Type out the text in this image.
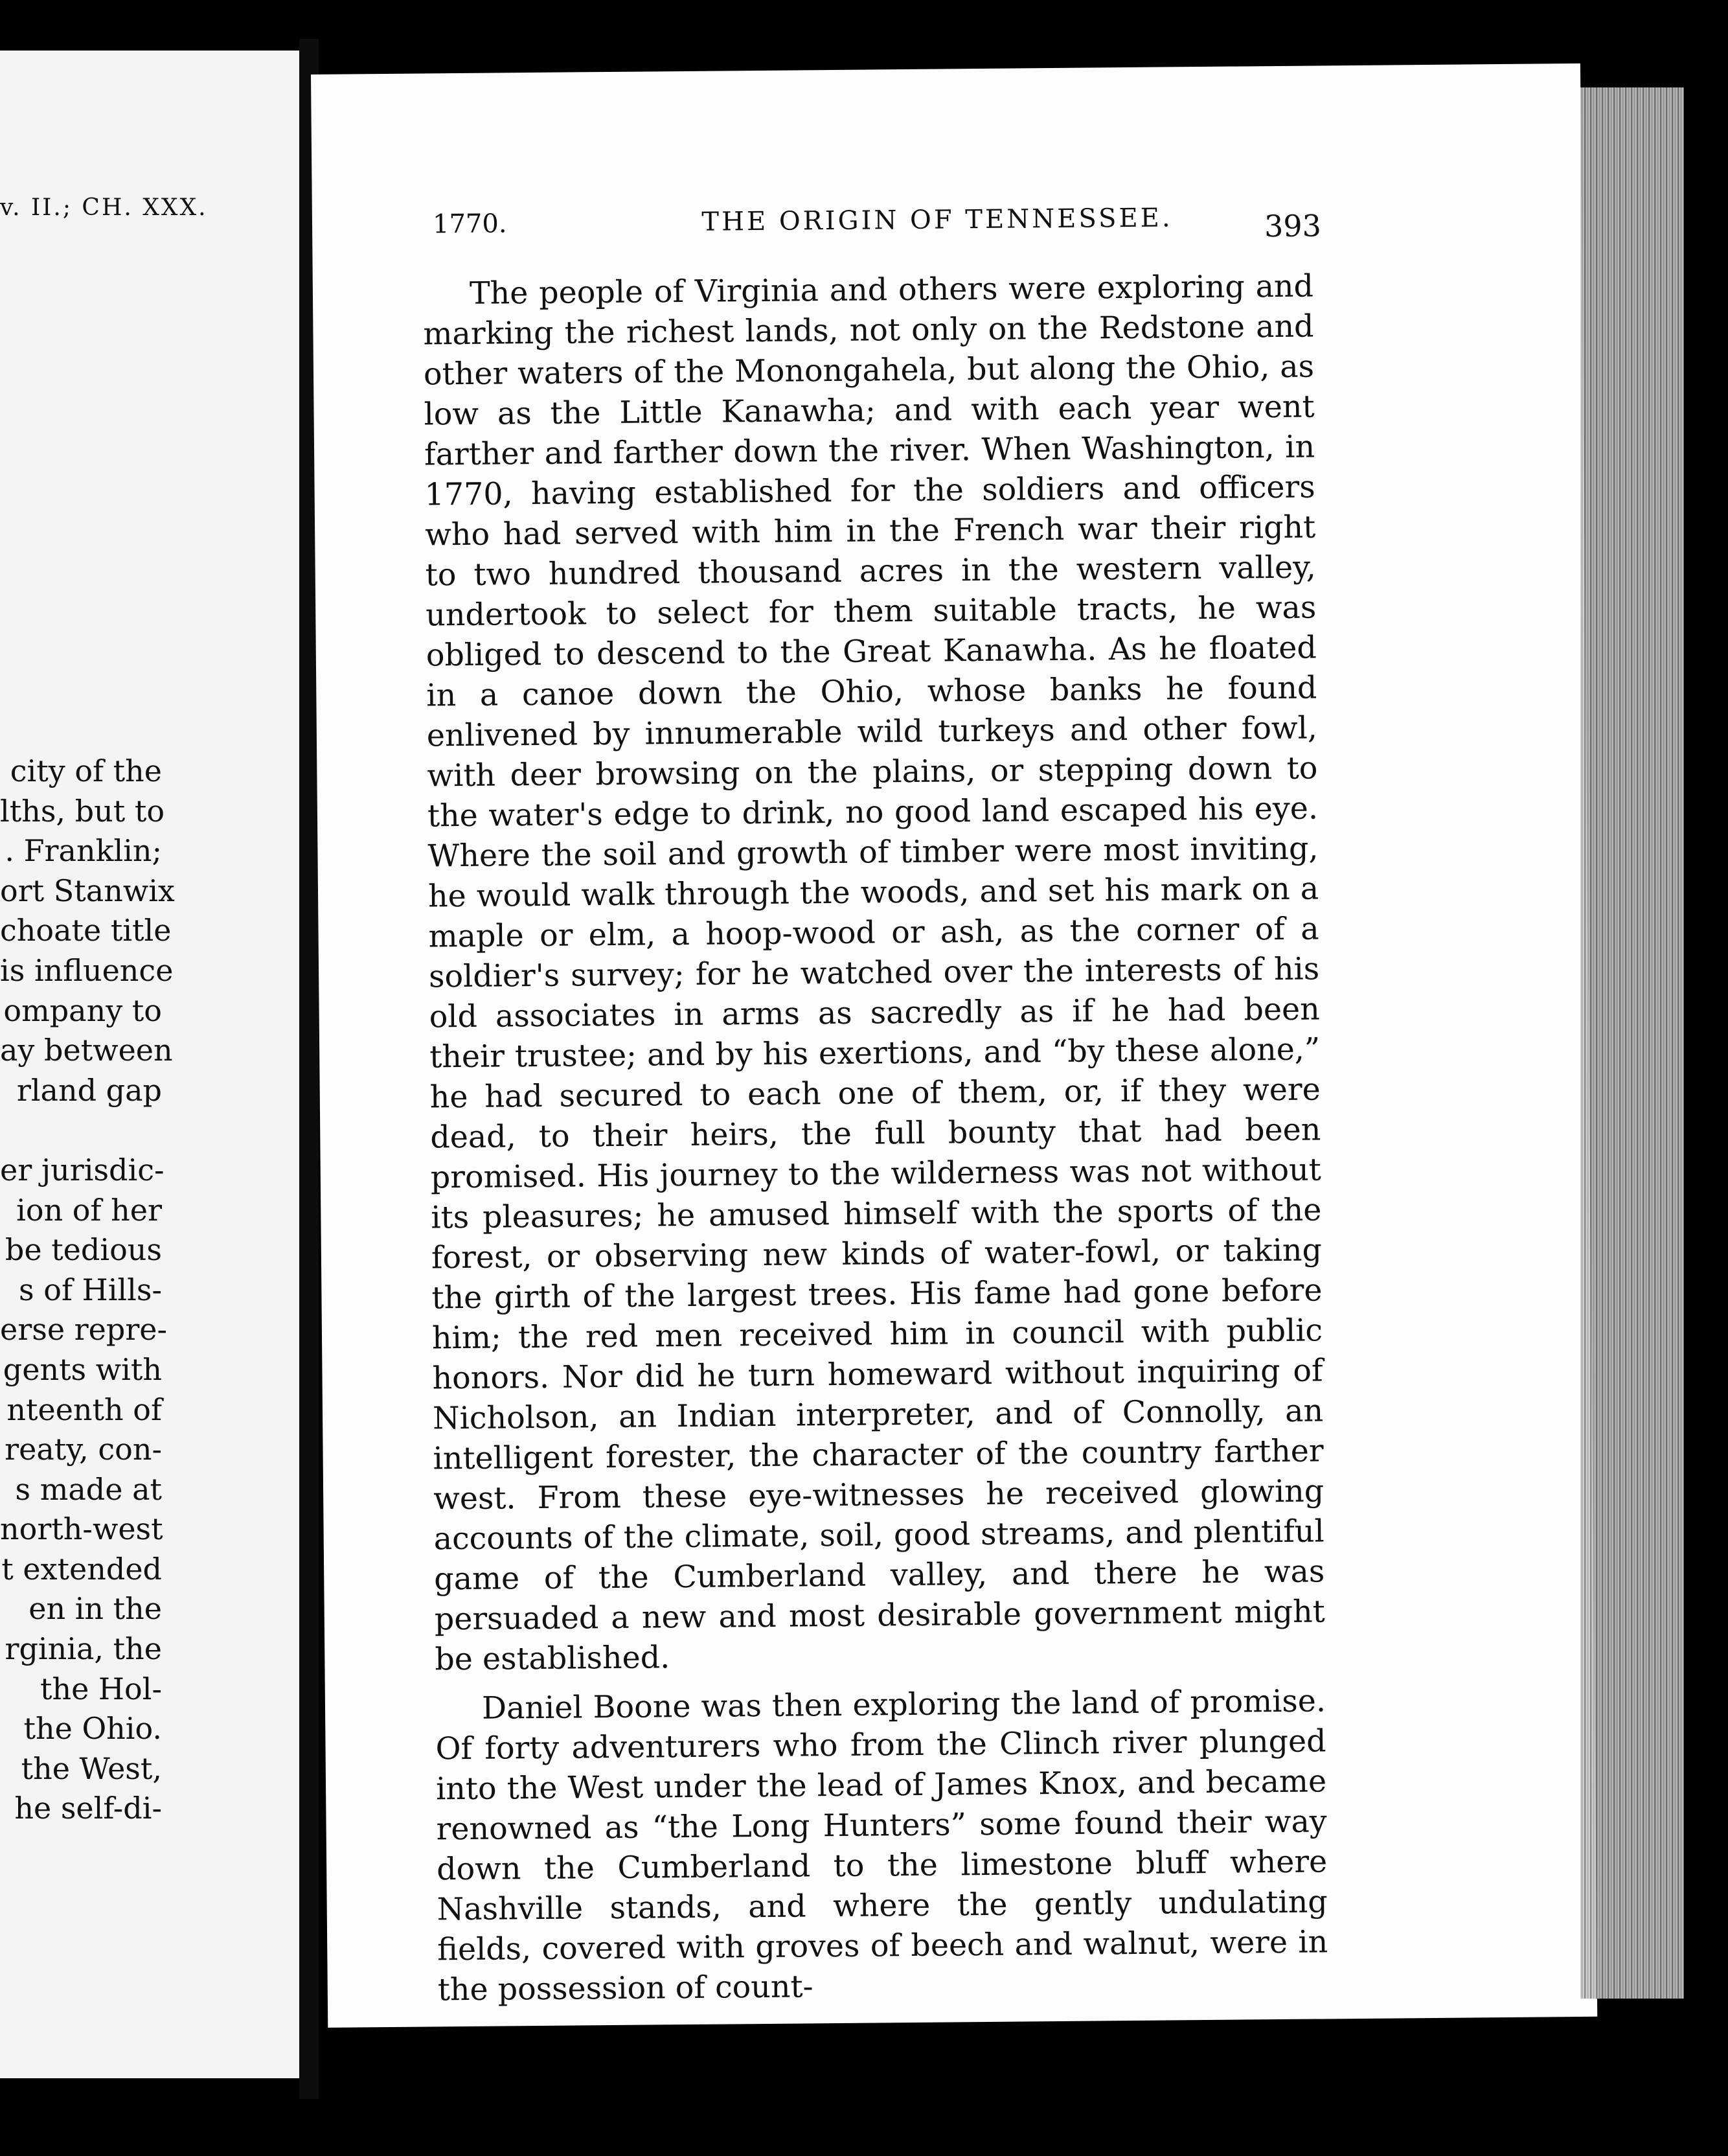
v. II.; CH. XXX.
city of the
lths, but to
. Franklin;
ort Stanwix
choate title
is influence
ompany to
ay between
rland gap
er jurisdic-
ion of her
be tedious
s of Hills-
erse repre-
gents with
nteenth of
reaty, con-
s made at
north-west
t extended
en in the
rginia, the
the Hol-
the Ohio.
the West,
he self-di-
1770.	THE ORIGIN OF TENNESSEE.	393

The people of Virginia and others were exploring and marking the richest lands, not only on the Redstone and other waters of the Monongahela, but along the Ohio, as low as the Little Kanawha; and with each year went farther and farther down the river. When Washington, in 1770, having established for the soldiers and officers who had served with him in the French war their right to two hundred thousand acres in the western valley, undertook to select for them suitable tracts, he was obliged to descend to the Great Kanawha. As he floated in a canoe down the Ohio, whose banks he found enlivened by innumerable wild turkeys and other fowl, with deer browsing on the plains, or stepping down to the water's edge to drink, no good land escaped his eye. Where the soil and growth of timber were most inviting, he would walk through the woods, and set his mark on a maple or elm, a hoop-wood or ash, as the corner of a soldier's survey; for he watched over the interests of his old associates in arms as sacredly as if he had been their trustee; and by his exertions, and “by these alone,” he had secured to each one of them, or, if they were dead, to their heirs, the full bounty that had been promised. His journey to the wilderness was not without its pleasures; he amused himself with the sports of the forest, or observing new kinds of water-fowl, or taking the girth of the largest trees. His fame had gone before him; the red men received him in council with public honors. Nor did he turn homeward without inquiring of Nicholson, an Indian interpreter, and of Connolly, an intelligent forester, the character of the country farther west. From these eye-witnesses he received glowing accounts of the climate, soil, good streams, and plentiful game of the Cumberland valley, and there he was persuaded a new and most desirable government might be established.

Daniel Boone was then exploring the land of promise. Of forty adventurers who from the Clinch river plunged into the West under the lead of James Knox, and became renowned as “the Long Hunters” some found their way down the Cumberland to the limestone bluff where Nashville stands, and where the gently undulating fields, covered with groves of beech and walnut, were in the possession of count-
